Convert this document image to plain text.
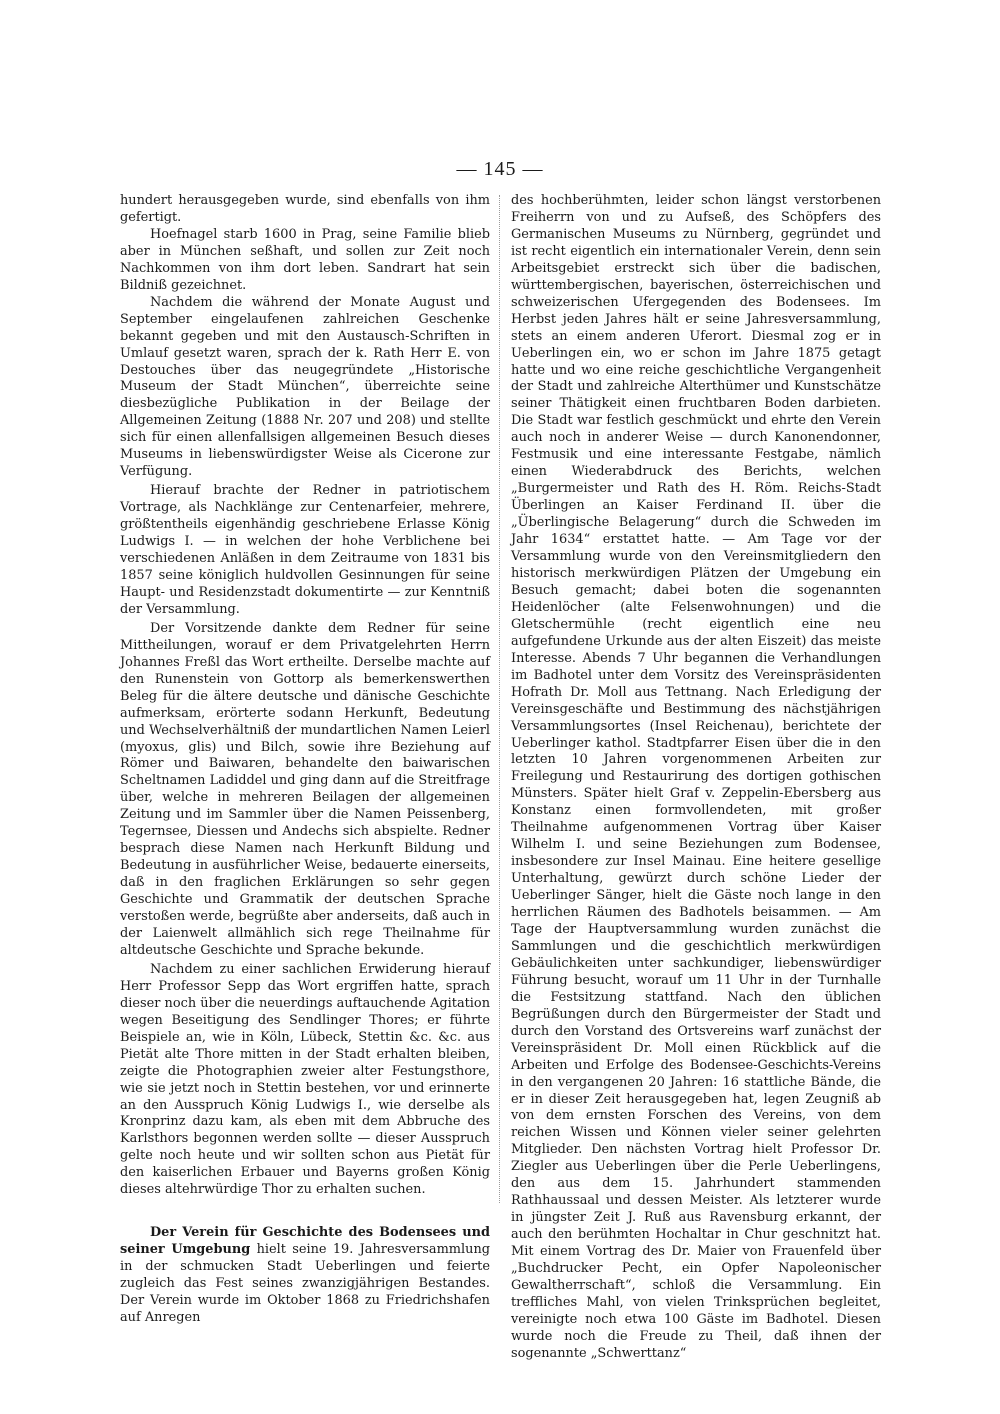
— 145 —

hundert herausgegeben wurde, sind ebenfalls von ihm gefertigt.

Hoefnagel starb 1600 in Prag, seine Familie blieb aber in München seßhaft, und sollen zur Zeit noch Nachkommen von ihm dort leben. Sandrart hat sein Bildniß gezeichnet.

Nachdem die während der Monate August und September eingelaufenen zahlreichen Geschenke bekannt gegeben und mit den Austausch-Schriften in Umlauf gesetzt waren, sprach der k. Rath Herr E. von Destouches über das neugegründete „Historische Museum der Stadt München“, überreichte seine diesbezügliche Publikation in der Beilage der Allgemeinen Zeitung (1888 Nr. 207 und 208) und stellte sich für einen allenfallsigen allgemeinen Besuch dieses Museums in liebenswürdigster Weise als Cicerone zur Verfügung.

Hierauf brachte der Redner in patriotischem Vortrage, als Nachklänge zur Centenarfeier, mehrere, größtentheils eigenhändig geschriebene Erlasse König Ludwigs I. — in welchen der hohe Verblichene bei verschiedenen Anläßen in dem Zeitraume von 1831 bis 1857 seine königlich huldvollen Gesinnungen für seine Haupt- und Residenzstadt dokumentirte — zur Kenntniß der Versammlung.

Der Vorsitzende dankte dem Redner für seine Mittheilungen, worauf er dem Privatgelehrten Herrn Johannes Freßl das Wort ertheilte. Derselbe machte auf den Runenstein von Gottorp als bemerkenswerthen Beleg für die ältere deutsche und dänische Geschichte aufmerksam, erörterte sodann Herkunft, Bedeutung und Wechselverhältniß der mundartlichen Namen Leierl (myoxus, glis) und Bilch, sowie ihre Beziehung auf Römer und Baiwaren, behandelte den baiwarischen Scheltnamen Ladiddel und ging dann auf die Streitfrage über, welche in mehreren Beilagen der allgemeinen Zeitung und im Sammler über die Namen Peissenberg, Tegernsee, Diessen und Andechs sich abspielte. Redner besprach diese Namen nach Herkunft Bildung und Bedeutung in ausführlicher Weise, bedauerte einerseits, daß in den fraglichen Erklärungen so sehr gegen Geschichte und Grammatik der deutschen Sprache verstoßen werde, begrüßte aber anderseits, daß auch in der Laienwelt allmählich sich rege Theilnahme für altdeutsche Geschichte und Sprache bekunde.

Nachdem zu einer sachlichen Erwiderung hierauf Herr Professor Sepp das Wort ergriffen hatte, sprach dieser noch über die neuerdings auftauchende Agitation wegen Beseitigung des Sendlinger Thores; er führte Beispiele an, wie in Köln, Lübeck, Stettin &c. &c. aus Pietät alte Thore mitten in der Stadt erhalten bleiben, zeigte die Photographien zweier alter Festungsthore, wie sie jetzt noch in Stettin bestehen, vor und erinnerte an den Ausspruch König Ludwigs I., wie derselbe als Kronprinz dazu kam, als eben mit dem Abbruche des Karlsthors begonnen werden sollte — dieser Ausspruch gelte noch heute und wir sollten schon aus Pietät für den kaiserlichen Erbauer und Bayerns großen König dieses altehrwürdige Thor zu erhalten suchen.

Der Verein für Geschichte des Bodensees und seiner Umgebung hielt seine 19. Jahresversammlung in der schmucken Stadt Ueberlingen und feierte zugleich das Fest seines zwanzigjährigen Bestandes. Der Verein wurde im Oktober 1868 zu Friedrichshafen auf Anregen

des hochberühmten, leider schon längst verstorbenen Freiherrn von und zu Aufseß, des Schöpfers des Germanischen Museums zu Nürnberg, gegründet und ist recht eigentlich ein internationaler Verein, denn sein Arbeitsgebiet erstreckt sich über die badischen, württembergischen, bayerischen, österreichischen und schweizerischen Ufergegenden des Bodensees. Im Herbst jeden Jahres hält er seine Jahresversammlung, stets an einem anderen Uferort. Diesmal zog er in Ueberlingen ein, wo er schon im Jahre 1875 getagt hatte und wo eine reiche geschichtliche Vergangenheit der Stadt und zahlreiche Alterthümer und Kunstschätze seiner Thätigkeit einen fruchtbaren Boden darbieten. Die Stadt war festlich geschmückt und ehrte den Verein auch noch in anderer Weise — durch Kanonendonner, Festmusik und eine interessante Festgabe, nämlich einen Wiederabdruck des Berichts, welchen „Burgermeister und Rath des H. Röm. Reichs-Stadt Überlingen an Kaiser Ferdinand II. über die „Überlingische Belagerung“ durch die Schweden im Jahr 1634“ erstattet hatte. — Am Tage vor der Versammlung wurde von den Vereinsmitgliedern den historisch merkwürdigen Plätzen der Umgebung ein Besuch gemacht; dabei boten die sogenannten Heidenlöcher (alte Felsenwohnungen) und die Gletschermühle (recht eigentlich eine neu aufgefundene Urkunde aus der alten Eiszeit) das meiste Interesse. Abends 7 Uhr begannen die Verhandlungen im Badhotel unter dem Vorsitz des Vereinspräsidenten Hofrath Dr. Moll aus Tettnang. Nach Erledigung der Vereinsgeschäfte und Bestimmung des nächstjährigen Versammlungsortes (Insel Reichenau), berichtete der Ueberlinger kathol. Stadtpfarrer Eisen über die in den letzten 10 Jahren vorgenommenen Arbeiten zur Freilegung und Restaurirung des dortigen gothischen Münsters. Später hielt Graf v. Zeppelin-Ebersberg aus Konstanz einen formvollendeten, mit großer Theilnahme aufgenommenen Vortrag über Kaiser Wilhelm I. und seine Beziehungen zum Bodensee, insbesondere zur Insel Mainau. Eine heitere gesellige Unterhaltung, gewürzt durch schöne Lieder der Ueberlinger Sänger, hielt die Gäste noch lange in den herrlichen Räumen des Badhotels beisammen. — Am Tage der Hauptversammlung wurden zunächst die Sammlungen und die geschichtlich merkwürdigen Gebäulichkeiten unter sachkundiger, liebenswürdiger Führung besucht, worauf um 11 Uhr in der Turnhalle die Festsitzung stattfand. Nach den üblichen Begrüßungen durch den Bürgermeister der Stadt und durch den Vorstand des Ortsvereins warf zunächst der Vereinspräsident Dr. Moll einen Rückblick auf die Arbeiten und Erfolge des Bodensee-Geschichts-Vereins in den vergangenen 20 Jahren: 16 stattliche Bände, die er in dieser Zeit herausgegeben hat, legen Zeugniß ab von dem ernsten Forschen des Vereins, von dem reichen Wissen und Können vieler seiner gelehrten Mitglieder. Den nächsten Vortrag hielt Professor Dr. Ziegler aus Ueberlingen über die Perle Ueberlingens, den aus dem 15. Jahrhundert stammenden Rathhaussaal und dessen Meister. Als letzterer wurde in jüngster Zeit J. Ruß aus Ravensburg erkannt, der auch den berühmten Hochaltar in Chur geschnitzt hat. Mit einem Vortrag des Dr. Maier von Frauenfeld über „Buchdrucker Pecht, ein Opfer Napoleonischer Gewaltherrschaft“, schloß die Versammlung. Ein treffliches Mahl, von vielen Trinksprüchen begleitet, vereinigte noch etwa 100 Gäste im Badhotel. Diesen wurde noch die Freude zu Theil, daß ihnen der sogenannte „Schwerttanz“
